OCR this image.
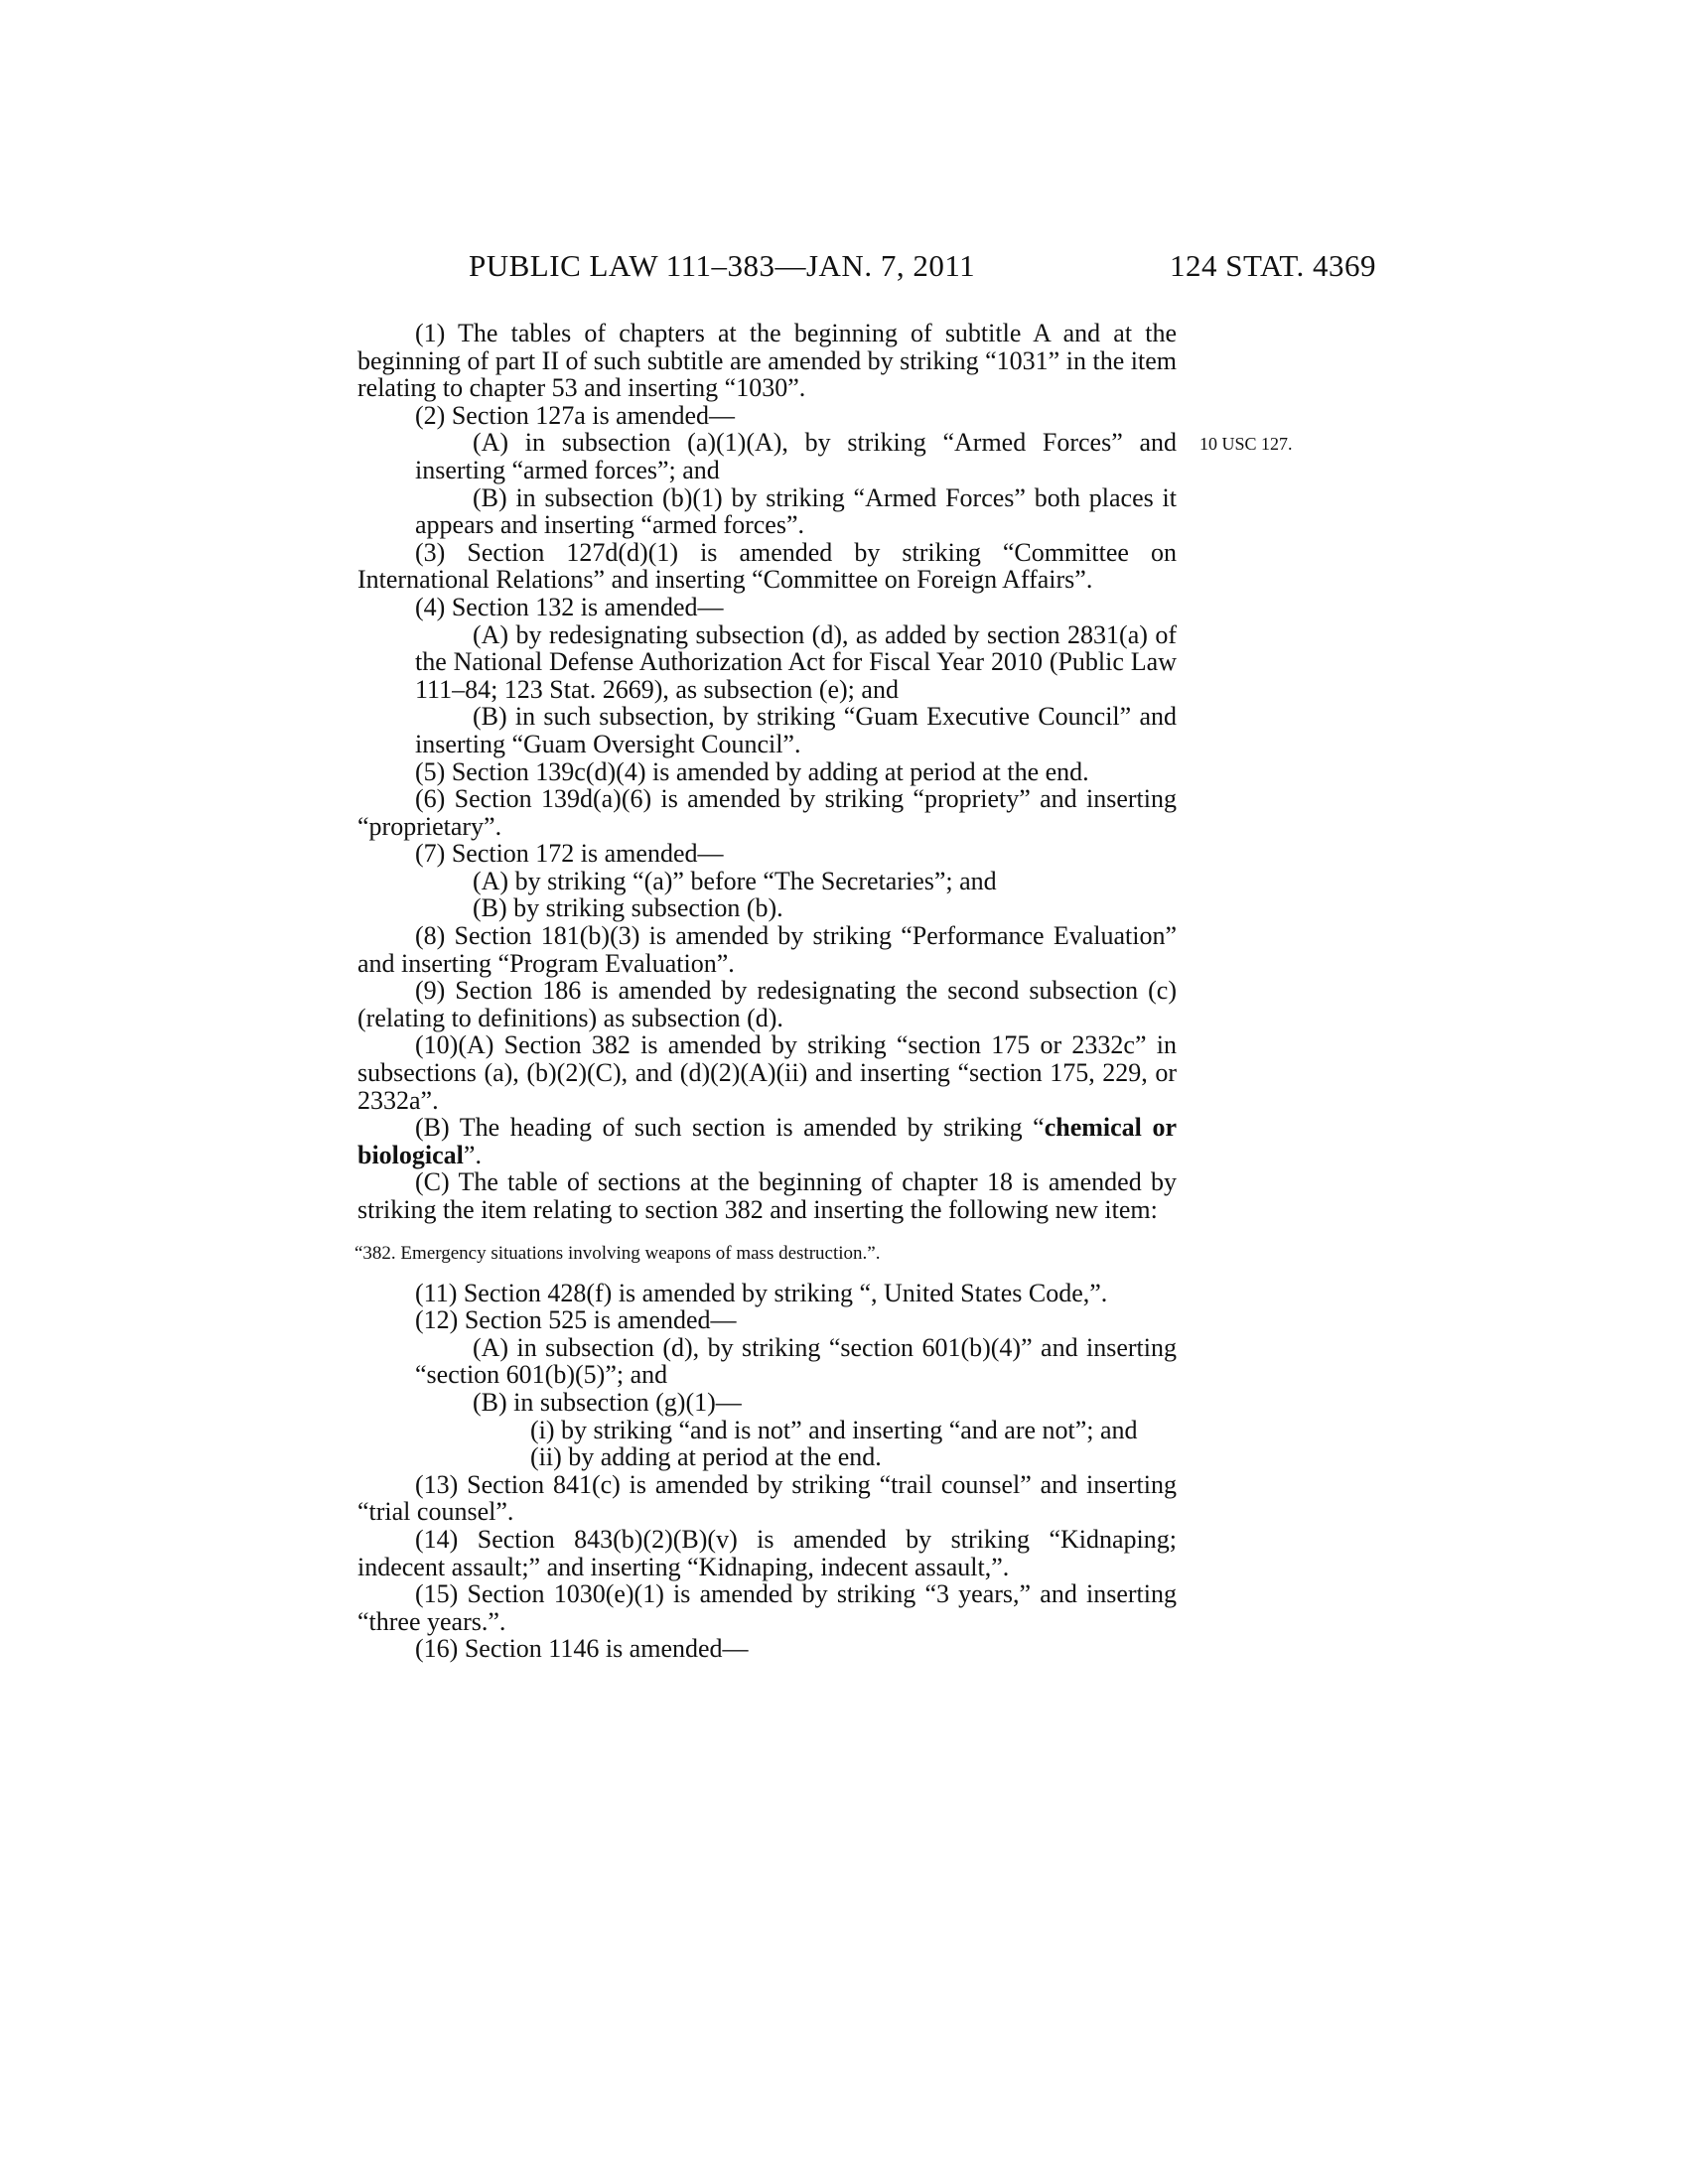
PUBLIC LAW 111–383—JAN. 7, 2011	124 STAT. 4369
10 USC 127.

(1) The tables of chapters at the beginning of subtitle A and at the beginning of part II of such subtitle are amended by striking “1031” in the item relating to chapter 53 and inserting “1030”.

(2) Section 127a is amended—

(A) in subsection (a)(1)(A), by striking “Armed Forces” and inserting “armed forces”; and

(B) in subsection (b)(1) by striking “Armed Forces” both places it appears and inserting “armed forces”.

(3) Section 127d(d)(1) is amended by striking “Committee on International Relations” and inserting “Committee on Foreign Affairs”.

(4) Section 132 is amended—

(A) by redesignating subsection (d), as added by section 2831(a) of the National Defense Authorization Act for Fiscal Year 2010 (Public Law 111–84; 123 Stat. 2669), as subsection (e); and

(B) in such subsection, by striking “Guam Executive Council” and inserting “Guam Oversight Council”.

(5) Section 139c(d)(4) is amended by adding at period at the end.

(6) Section 139d(a)(6) is amended by striking “propriety” and inserting “proprietary”.

(7) Section 172 is amended—

(A) by striking “(a)” before “The Secretaries”; and

(B) by striking subsection (b).

(8) Section 181(b)(3) is amended by striking “Performance Evaluation” and inserting “Program Evaluation”.

(9) Section 186 is amended by redesignating the second subsection (c) (relating to definitions) as subsection (d).

(10)(A) Section 382 is amended by striking “section 175 or 2332c” in subsections (a), (b)(2)(C), and (d)(2)(A)(ii) and inserting “section 175, 229, or 2332a”.

(B) The heading of such section is amended by striking “chemical or biological”.

(C) The table of sections at the beginning of chapter 18 is amended by striking the item relating to section 382 and inserting the following new item:

“382. Emergency situations involving weapons of mass destruction.”.

(11) Section 428(f) is amended by striking “, United States Code,”.

(12) Section 525 is amended—

(A) in subsection (d), by striking “section 601(b)(4)” and inserting “section 601(b)(5)”; and

(B) in subsection (g)(1)—

(i) by striking “and is not” and inserting “and are not”; and

(ii) by adding at period at the end.

(13) Section 841(c) is amended by striking “trail counsel” and inserting “trial counsel”.

(14) Section 843(b)(2)(B)(v) is amended by striking “Kidnaping; indecent assault;” and inserting “Kidnaping, indecent assault,”.

(15) Section 1030(e)(1) is amended by striking “3 years,” and inserting “three years.”.

(16) Section 1146 is amended—
